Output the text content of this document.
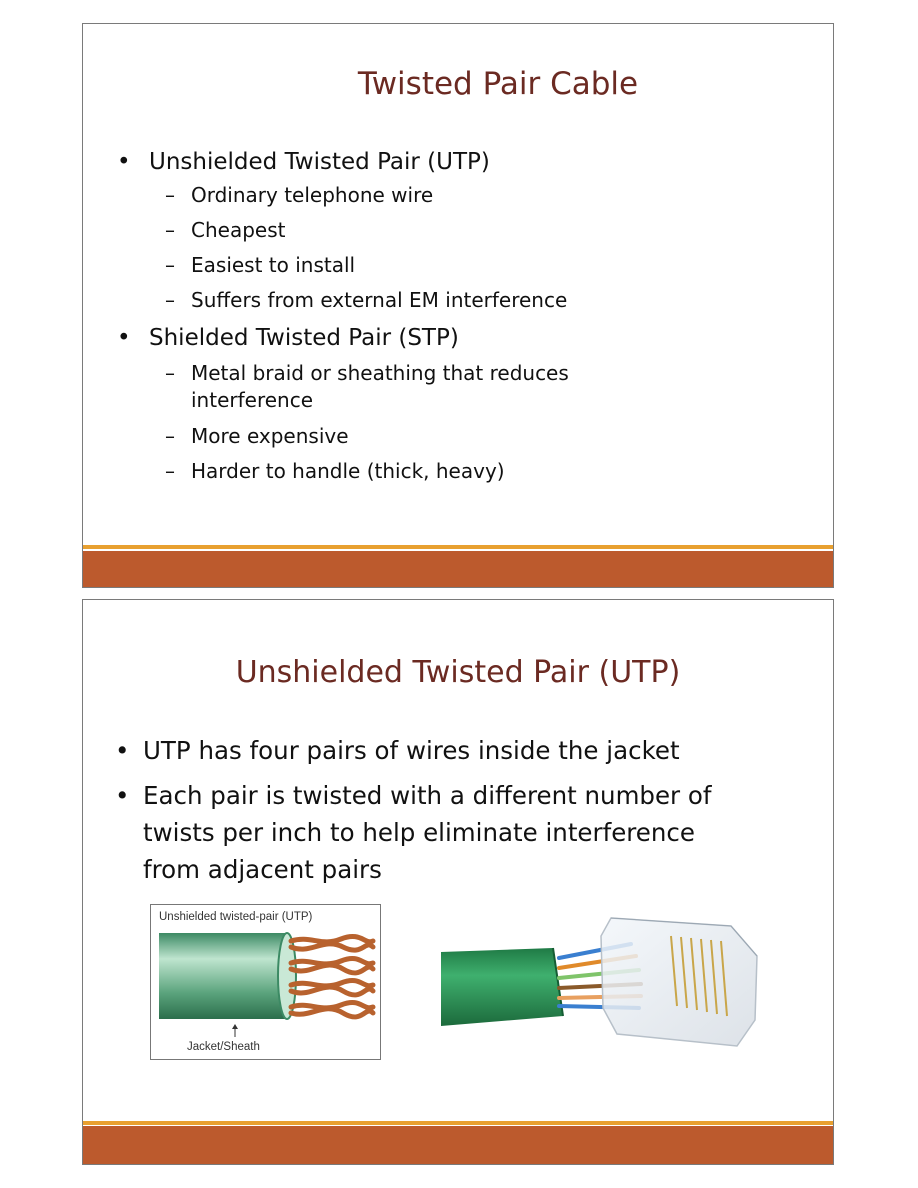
Twisted Pair Cable
• Unshielded Twisted Pair (UTP)
– Ordinary telephone wire
– Cheapest
– Easiest to install
– Suffers from external EM interference
• Shielded Twisted Pair (STP)
– Metal braid or sheathing that reduces interference
– More expensive
– Harder to handle (thick, heavy)
Unshielded Twisted Pair (UTP)
• UTP has four pairs of wires inside the jacket
• Each pair is twisted with a different number of twists per inch to help eliminate interference from adjacent pairs
Unshielded twisted-pair (UTP)
Jacket/Sheath
